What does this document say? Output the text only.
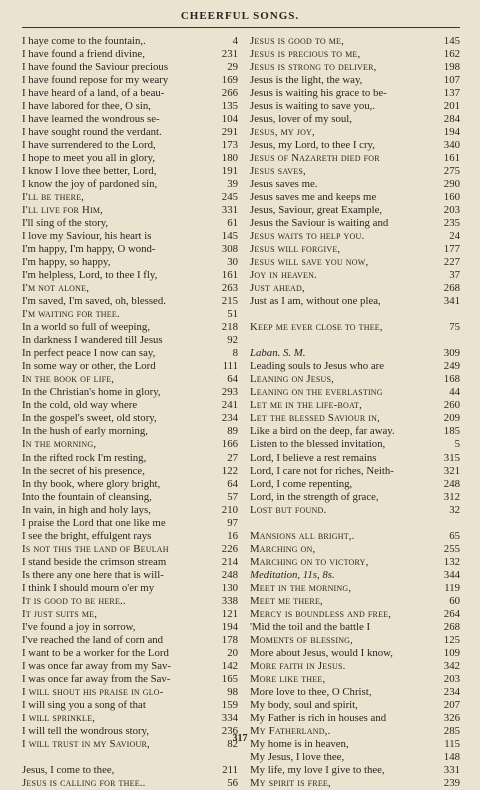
CHEERFUL SONGS.
I haye come to the fountain,.	4
I have found a friend divine,	231
I have found the Saviour precious	29
I have found repose for my weary	169
I have heard of a land, of a beau-	266
I have labored for thee, O sin,	135
I have learned the wondrous se-	104
I have sought round the verdant.	291
I have surrendered to the Lord,	173
I hope to meet you all in glory,	180
I know I love thee better, Lord,	191
I know the joy of pardoned sin,	39
I'll be there,	245
I'll live for Him,	331
I'll sing of the story,	61
I love my Saviour, his heart is	145
I'm happy, I'm happy, O wond-	308
I'm happy, so happy,	30
I'm helpless, Lord, to thee I fly,	161
I'm not alone,	263
I'm saved, I'm saved, oh, blessed.	215
I'm waiting for thee.	51
In a world so full of weeping,	218
In darkness I wandered till Jesus	92
In perfect peace I now can say,	8
In some way or other, the Lord	111
In the book of life,	64
In the Christian's home in glory,	293
In the cold, old way where	241
In the gospel's sweet, old story,	234
In the hush of early morning,	89
In the morning,	166
In the rifted rock I'm resting,	27
In the secret of his presence,	122
In thy book, where glory bright,	64
Into the fountain of cleansing,	57
In vain, in high and holy lays,	210
I praise the Lord that one like me	97
I see the bright, effulgent rays	16
Is not this the land of Beulah	226
I stand beside the crimson stream	214
Is there any one here that is will-	248
I think I should mourn o'er my	130
It is good to be here..	338
It just suits me,	121
I've found a joy in sorrow,	194
I've reached the land of corn and	178
I want to be a worker for the Lord	20
I was once far away from my Sav-	142
I was once far away from the Sav-	165
I will shout his praise in glo-	98
I will sing you a song of that	159
I will sprinkle,	334
I will tell the wondrous story,	236
I will trust in my Saviour,	82
Jesus, I come to thee,	211
Jesus is calling for thee..	56
Jesus is good to me,	145
Jesus is precious to me,	162
Jesus is strong to deliver,	198
Jesus is the light, the way,	107
Jesus is waiting his grace to be-	137
Jesus is waiting to save you,.	201
Jesus, lover of my soul,	284
Jesus, my joy,	194
Jesus, my Lord, to thee I cry,	340
Jesus of Nazareth died for	161
Jesus saves,	275
Jesus saves me.	290
Jesus saves me and keeps me	160
Jesus, Saviour, great Example,	203
Jesus the Saviour is waiting and	235
Jesus waits to help you.	24
Jesus will forgive,	177
Jesus will save you now,	227
Joy in heaven.	37
Just ahead,	268
Just as I am, without one plea,	341
Keep me ever close to thee,	75
Laban. S. M.	309
Leading souls to Jesus who are	249
Leaning on Jesus,	168
Leaning on the everlasting	44
Let me in the life-boat,	260
Let the blessed Saviour in,	209
Like a bird on the deep, far away.	185
Listen to the blessed invitation,	5
Lord, I believe a rest remains	315
Lord, I care not for riches, Neith-	321
Lord, I come repenting,	248
Lord, in the strength of grace,	312
Lost but found.	32
Mansions all bright,.	65
Marching on,	255
Marching on to victory,	132
Meditation, 11s, 8s.	344
Meet in the morning,	119
Meet me there,	60
Mercy is boundless and free,	264
'Mid the toil and the battle I	268
Moments of blessing,	125
More about Jesus, would I know,	109
More faith in Jesus.	342
More like thee,	203
More love to thee, O Christ,	234
My body, soul and spirit,	207
My Father is rich in houses and	326
My Fatherland,.	285
My home is in heaven,	115
My Jesus, I love thee,	148
My life, my love I give to thee,	331
My spirit is free,	239
317
